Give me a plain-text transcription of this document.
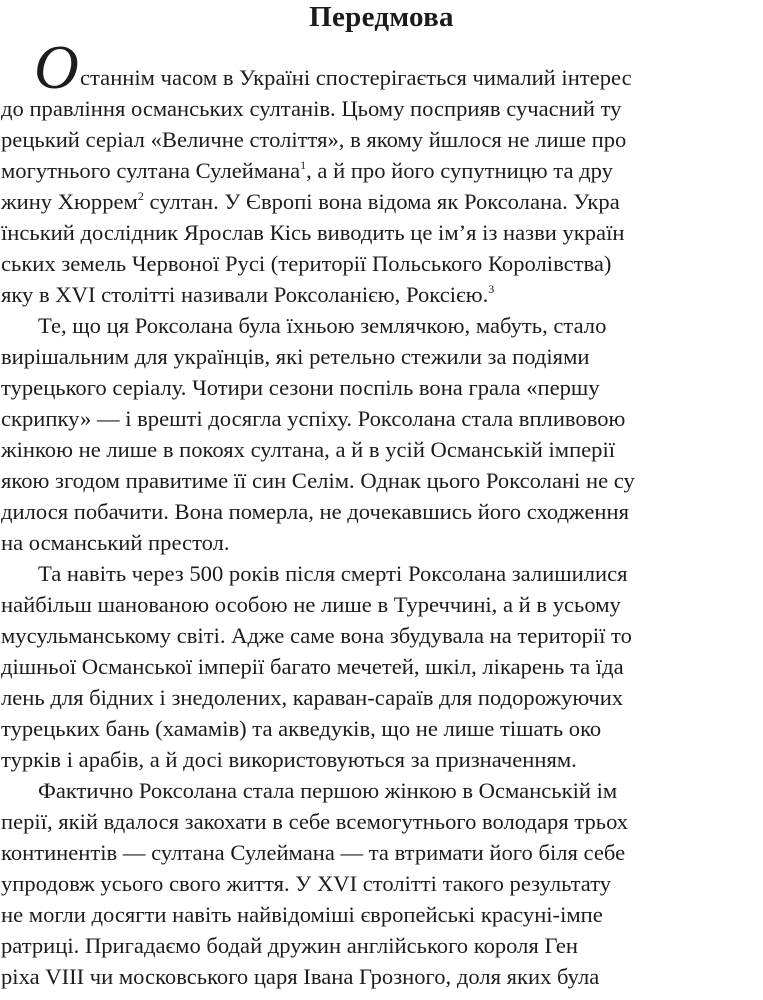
Передмова
О станнім часом в Україні спостерігається чималий інтерес
до правління османських султанів. Цьому посприяв сучасний ту
рецький серіал «Величне століття», в якому йшлося не лише про
могутнього султана Сулеймана$^1$, а й про його супутницю та дру
жину Хюррем$^2$ султан. У Європі вона відома як Роксолана. Укра
їнський дослідник Ярослав Кісь виводить це ім’я із назви україн
ських земель Червоної Русі (території Польського Королівства)
яку в XVI столітті називали Роксоланією, Роксією.$^3$
Те, що ця Роксолана була їхньою землячкою, мабуть, стало
вирішальним для українців, які ретельно стежили за подіями
турецького серіалу. Чотири сезони поспіль вона грала «першу
скрипку» — і врешті досягла успіху. Роксолана стала впливовою
жінкою не лише в покоях султана, а й в усій Османській імперії
якою згодом правитиме її син Селім. Однак цього Роксолані не су
дилося побачити. Вона померла, не дочекавшись його сходження
на османський престол.
Та навіть через 500 років після смерті Роксолана залишилися
найбільш шанованою особою не лише в Туреччині, а й в усьому
мусульманському світі. Адже саме вона збудувала на території то
дішньої Османської імперії багато мечетей, шкіл, лікарень та їда
лень для бідних і знедолених, караван-сараїв для подорожуючих
турецьких бань (хамамів) та акведуків, що не лише тішать око
турків і арабів, а й досі використовуються за призначенням.
Фактично Роксолана стала першою жінкою в Османській ім
перії, якій вдалося закохати в себе всемогутнього володаря трьох
континентів — султана Сулеймана — та втримати його біля себе
упродовж усього свого життя. У XVI столітті такого результату
не могли досягти навіть найвідоміші європейські красуні-імпе
ратриці. Пригадаємо бодай дружин англійського короля Ген
ріха VIII чи московського царя Івана Грозного, доля яких була
